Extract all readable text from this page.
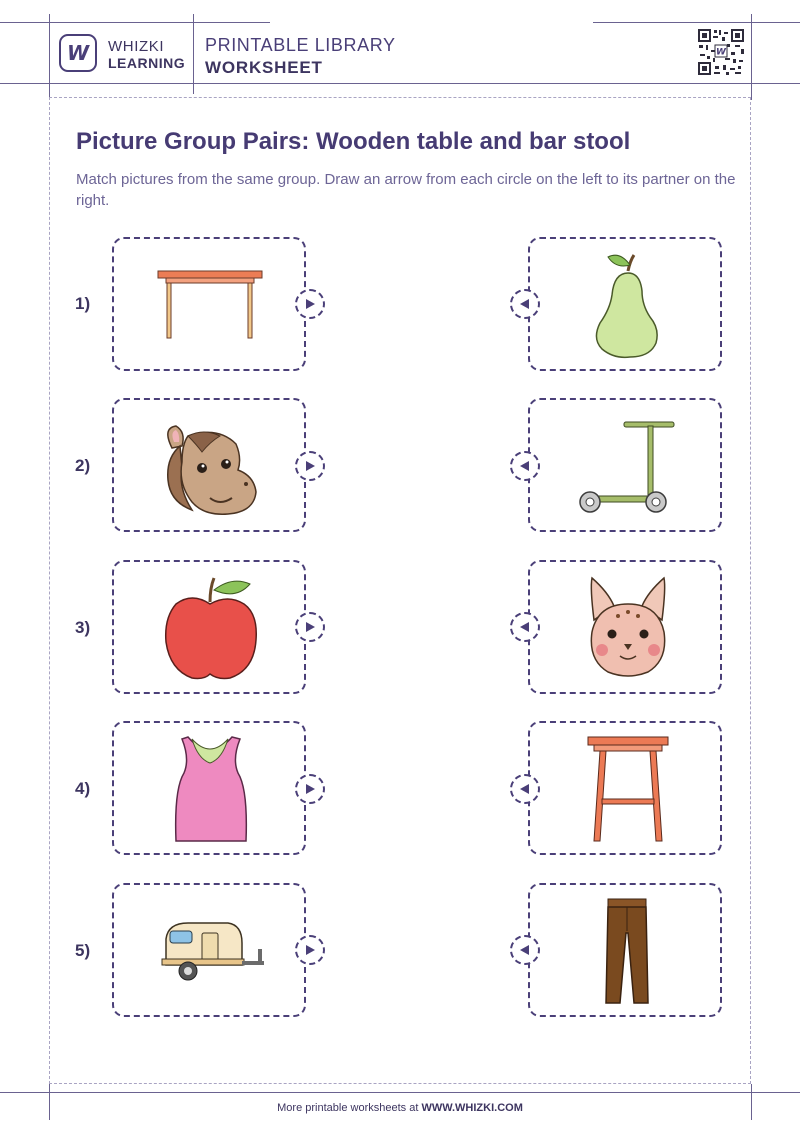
W WHIZKI
LEARNING
PRINTABLE LIBRARY
WORKSHEET
W
Picture Group Pairs: Wooden table and bar stool
Match pictures from the same group. Draw an arrow from each circle on the left to its partner on the right.
1)
2)
3)
4)
5)
More printable worksheets at WWW.WHIZKI.COM
